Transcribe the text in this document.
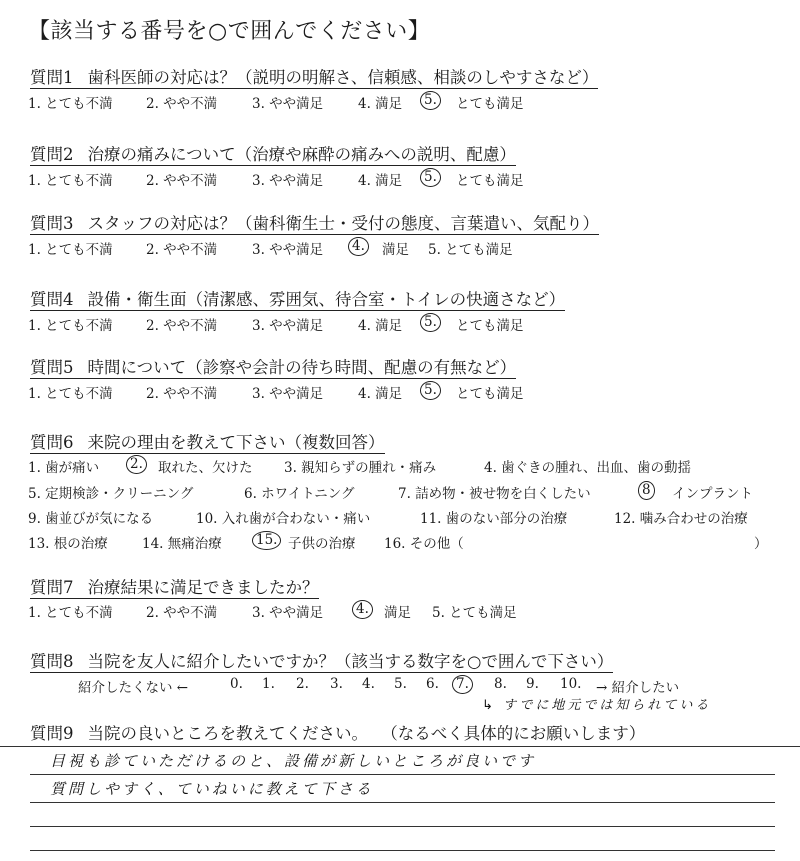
【該当する番号を○で囲んでください】
質問1 歯科医師の対応は？（説明の明解さ、信頼感、相談のしやすさなど）
1. とても不満 2. やや不満	3. やや満足	4. 満足 5. とても満足
質問2 治療の痛みについて（治療や麻酔の痛みへの説明、配慮）
1. とても不満 2. やや不満	3. やや満足	4. 満足 5. とても満足
質問3 スタッフの対応は？（歯科衛生士・受付の態度、言葉遣い、気配り）
1. とても不満 2. やや不満	3. やや満足 4. 満足 5. とても満足
質問4 設備・衛生面（清潔感、雰囲気、待合室・トイレの快適さなど）
1. とても不満 2. やや不満	3. やや満足	4. 満足 5. とても満足
質問5 時間について（診察や会計の待ち時間、配慮の有無など）
1. とても不満 2. やや不満	3. やや満足	4. 満足 5. とても満足
質問6 来院の理由を教えて下さい（複数回答）
1. 歯が痛い 2. 取れた、欠けた 3. 親知らずの腫れ・痛み	4. 歯ぐきの腫れ、出血、歯の動揺
5. 定期検診・クリーニング	6. ホワイトニング	7. 詰め物・被せ物を白くしたい	8 インプラント
9. 歯並びが気になる	10. 入れ歯が合わない・痛い	11. 歯のない部分の治療	12. 噛み合わせの治療
13. 根の治療	14. 無痛治療	15. 子供の治療 16. その他（	）
質問7 治療結果に満足できましたか？
1. とても不満 2. やや不満	3. やや満足 4. 満足 5. とても満足
質問8 当院を友人に紹介したいですか？（該当する数字を○で囲んで下さい）
紹介したくない ←	0. 1. 2. 3. 4. 5. 6. 7. 8. 9. 10. → 紹介したい
↳ すでに地元では知られている
質問9 当院の良いところを教えてください。 （なるべく具体的にお願いします）
目視も診ていただけるのと、設備が新しいところが良いです
質問しやすく、ていねいに教えて下さる
